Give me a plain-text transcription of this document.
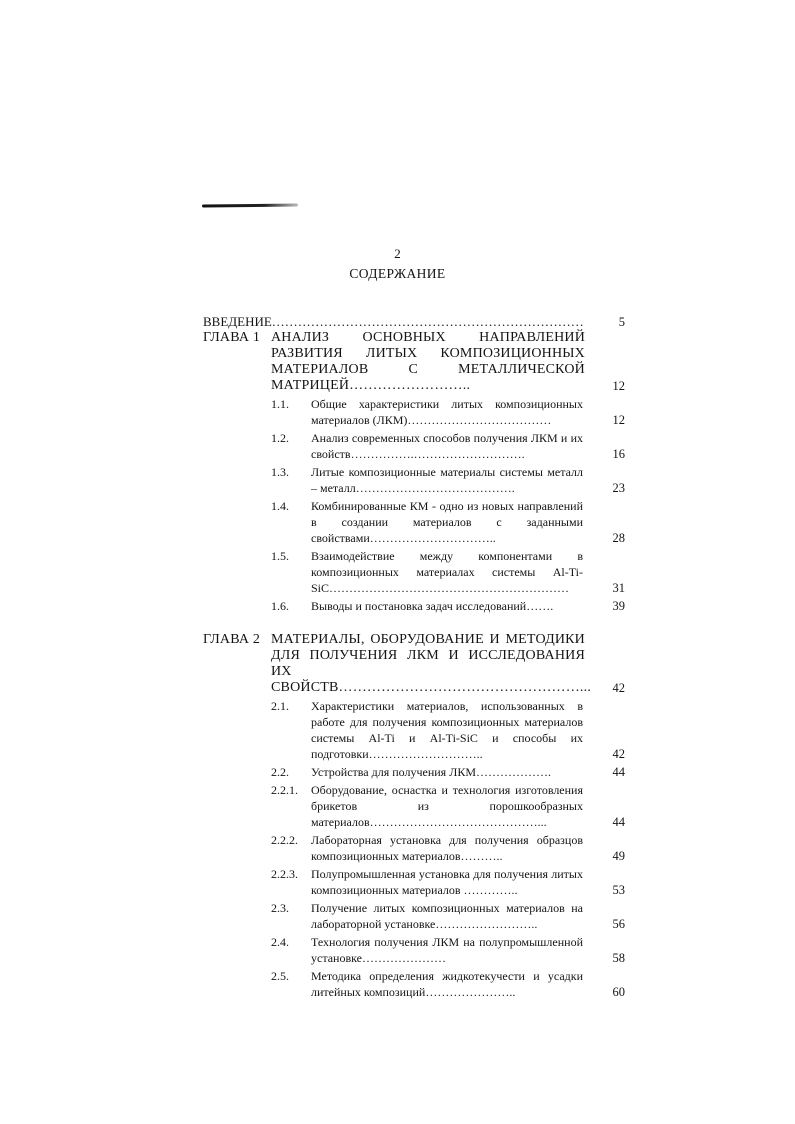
2
СОДЕРЖАНИЕ
ВВЕДЕНИЕ………………………………………………………………	5
ГЛАВА 1 АНАЛИЗ ОСНОВНЫХ НАПРАВЛЕНИЙ РАЗВИТИЯ ЛИТЫХ КОМПОЗИЦИОННЫХ МАТЕРИАЛОВ С МЕТАЛЛИЧЕСКОЙ МАТРИЦЕЙ……………………..	12
1.1. Общие характеристики литых композиционных материалов (ЛКМ)………………………………	12
1.2. Анализ современных способов получения ЛКМ и их свойств…………….……………………….	16
1.3. Литые композиционные материалы системы металл – металл………………………………….	23
1.4. Комбинированные КМ - одно из новых направлений в создании материалов с заданными свойствами…………………………..	28
1.5. Взаимодействие между компонентами в композиционных материалах системы Al-Ti-SiC……………………………………………………	31
1.6. Выводы и постановка задач исследований…….	39
ГЛАВА 2 МАТЕРИАЛЫ, ОБОРУДОВАНИЕ И МЕТОДИКИ ДЛЯ ПОЛУЧЕНИЯ ЛКМ И ИССЛЕДОВАНИЯ ИХ СВОЙСТВ……………………………………………... 42
2.1. Характеристики материалов, использованных в работе для получения композиционных материалов системы Al-Ti и Al-Ti-SiC и способы их подготовки………………………..	42
2.2. Устройства для получения ЛКМ……………….	44
2.2.1. Оборудование, оснастка и технология изготовления брикетов из порошкообразных материалов……………………………………...	44
2.2.2. Лабораторная установка для получения образцов композиционных материалов………..	49
2.2.3. Полупромышленная установка для получения литых композиционных материалов …………..	53
2.3. Получение литых композиционных материалов на лабораторной установке……………………..	56
2.4. Технология получения ЛКМ на полупромышленной установке…………………	58
2.5. Методика определения жидкотекучести и усадки литейных композиций…………………..	60
